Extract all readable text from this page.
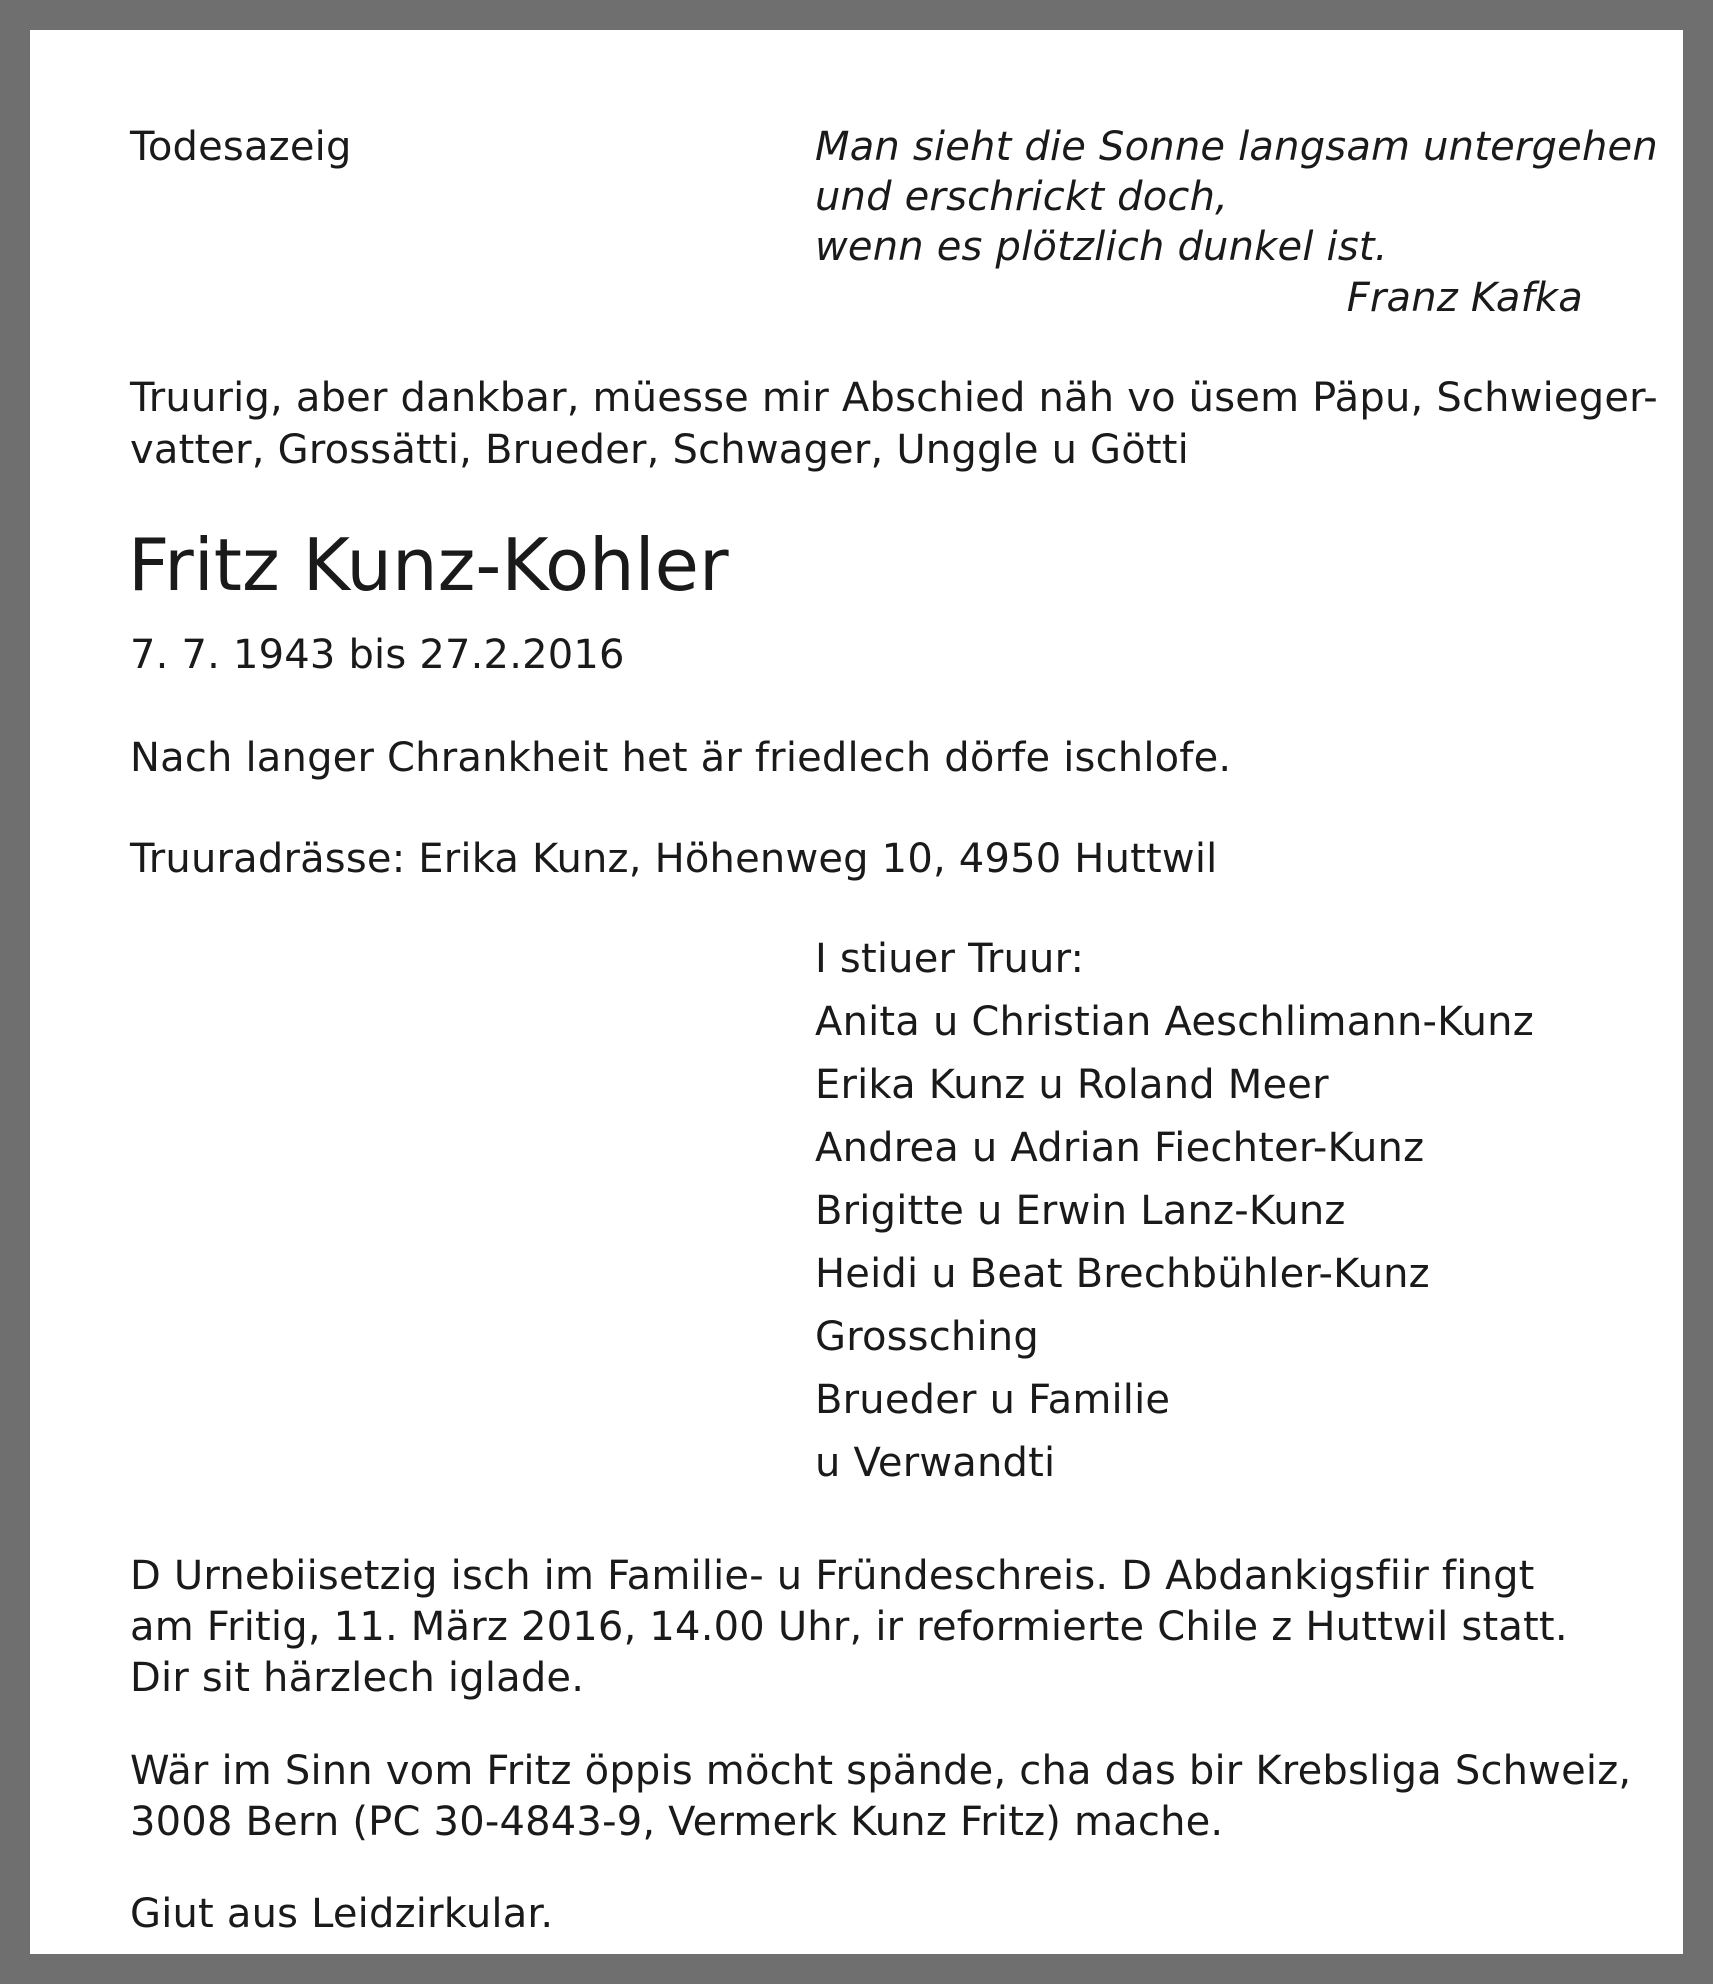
Todesazeig	Man sieht die Sonne langsam untergehen

und erschrickt doch,

wenn es plötzlich dunkel ist.

Franz Kafka

Truurig, aber dankbar, müesse mir Abschied näh vo üsem Päpu, Schwieger-

vatter, Grossätti, Brueder, Schwager, Unggle u Götti

Fritz Kunz-Kohler

7. 7. 1943 bis 27.2.2016

Nach langer Chrankheit het är friedlech dörfe ischlofe.

Truuradrässe: Erika Kunz, Höhenweg 10, 4950 Huttwil

I stiuer Truur:

Anita u Christian Aeschlimann-Kunz

Erika Kunz u Roland Meer

Andrea u Adrian Fiechter-Kunz

Brigitte u Erwin Lanz-Kunz

Heidi u Beat Brechbühler-Kunz

Grossching

Brueder u Familie

u Verwandti

D Urnebiisetzig isch im Familie- u Fründeschreis. D Abdankigsfiir fingt

am Fritig, 11. März 2016, 14.00 Uhr, ir reformierte Chile z Huttwil statt.

Dir sit härzlech iglade.

Wär im Sinn vom Fritz öppis möcht spände, cha das bir Krebsliga Schweiz,

3008 Bern (PC 30-4843-9, Vermerk Kunz Fritz) mache.

Giut aus Leidzirkular.
